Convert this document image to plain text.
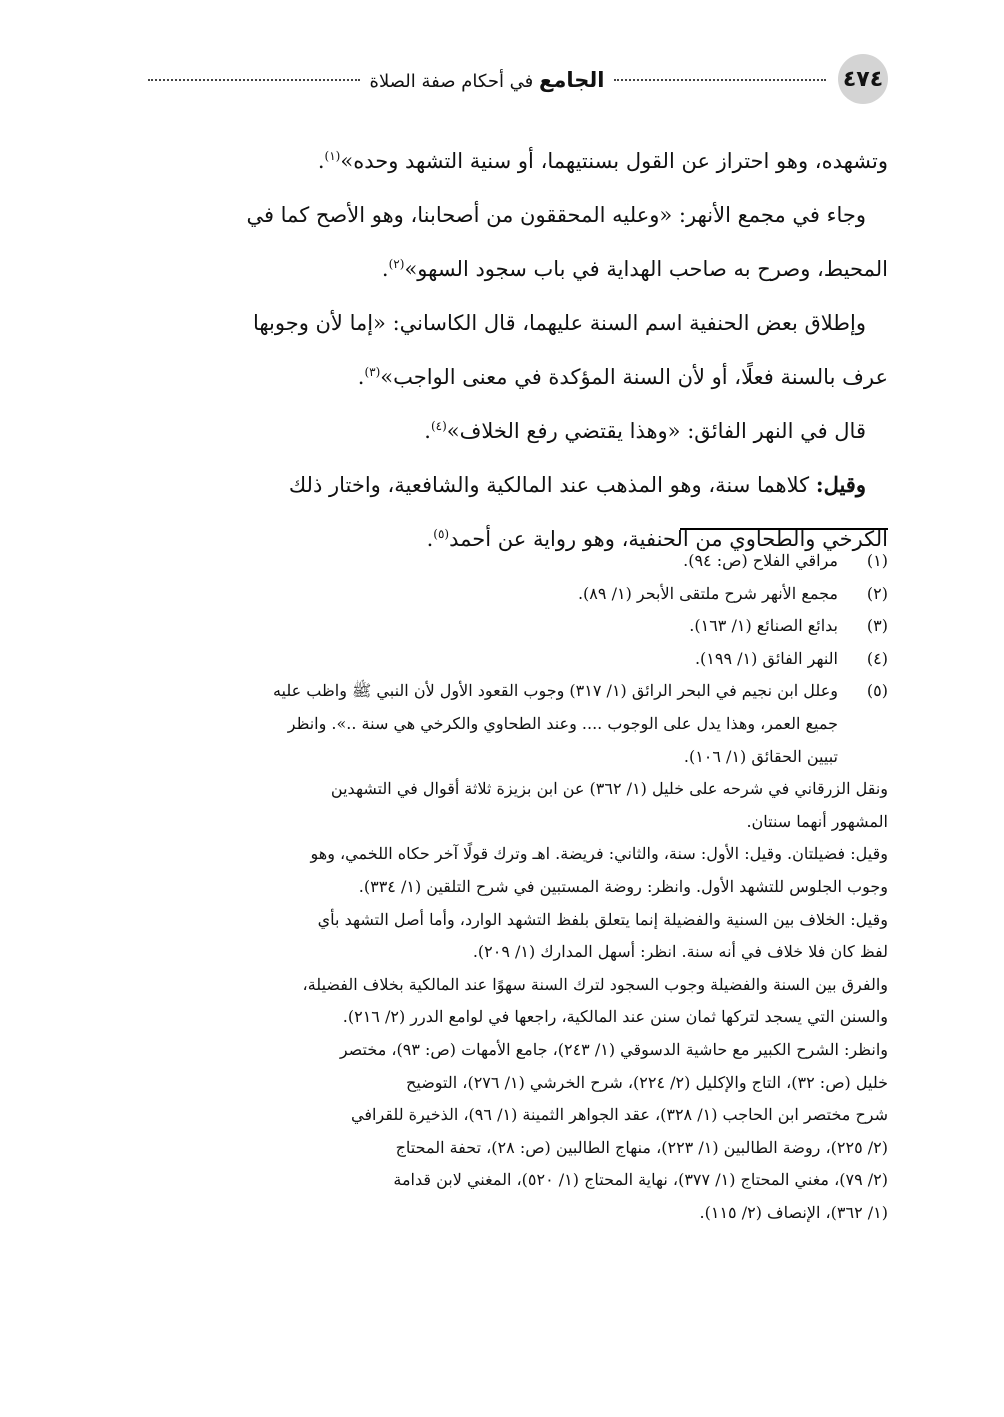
٤٧٤
الجامع في أحكام صفة الصلاة

وتشهده، وهو احتراز عن القول بسنتيهما، أو سنية التشهد وحده»$^{(١)}$.

وجاء في مجمع الأنهر: «وعليه المحققون من أصحابنا، وهو الأصح كما في

المحيط، وصرح به صاحب الهداية في باب سجود السهو»$^{(٢)}$.

وإطلاق بعض الحنفية اسم السنة عليهما، قال الكاساني: «إما لأن وجوبها

عرف بالسنة فعلًا، أو لأن السنة المؤكدة في معنى الواجب»$^{(٣)}$.

قال في النهر الفائق: «وهذا يقتضي رفع الخلاف»$^{(٤)}$.

وقيل: كلاهما سنة، وهو المذهب عند المالكية والشافعية، واختار ذلك

الكرخي والطحاوي من الحنفية، وهو رواية عن أحمد$^{(٥)}$.

(١)
مراقي الفلاح (ص: ٩٤).
(٢)
مجمع الأنهر شرح ملتقى الأبحر (١/ ٨٩).
(٣)
بدائع الصنائع (١/ ١٦٣).
(٤)
النهر الفائق (١/ ١٩٩).
(٥)
وعلل ابن نجيم في البحر الرائق (١/ ٣١٧) وجوب القعود الأول لأن النبي ﷺ واظب عليه
جميع العمر، وهذا يدل على الوجوب .... وعند الطحاوي والكرخي هي سنة ..». وانظر
تبيين الحقائق (١/ ١٠٦).
ونقل الزرقاني في شرحه على خليل (١/ ٣٦٢) عن ابن بزيزة ثلاثة أقوال في التشهدين
المشهور أنهما سنتان.
وقيل: فضيلتان. وقيل: الأول: سنة، والثاني: فريضة. اهـ وترك قولًا آخر حكاه اللخمي، وهو
وجوب الجلوس للتشهد الأول. وانظر: روضة المستبين في شرح التلقين (١/ ٣٣٤).
وقيل: الخلاف بين السنية والفضيلة إنما يتعلق بلفظ التشهد الوارد، وأما أصل التشهد بأي
لفظ كان فلا خلاف في أنه سنة. انظر: أسهل المدارك (١/ ٢٠٩).
والفرق بين السنة والفضيلة وجوب السجود لترك السنة سهوًا عند المالكية بخلاف الفضيلة،
والسنن التي يسجد لتركها ثمان سنن عند المالكية، راجعها في لوامع الدرر (٢/ ٢١٦).
وانظر: الشرح الكبير مع حاشية الدسوقي (١/ ٢٤٣)، جامع الأمهات (ص: ٩٣)، مختصر
خليل (ص: ٣٢)، التاج والإكليل (٢/ ٢٢٤)، شرح الخرشي (١/ ٢٧٦)، التوضيح
شرح مختصر ابن الحاجب (١/ ٣٢٨)، عقد الجواهر الثمينة (١/ ٩٦)، الذخيرة للقرافي
(٢/ ٢٢٥)، روضة الطالبين (١/ ٢٢٣)، منهاج الطالبين (ص: ٢٨)، تحفة المحتاج
(٢/ ٧٩)، مغني المحتاج (١/ ٣٧٧)، نهاية المحتاج (١/ ٥٢٠)، المغني لابن قدامة
(١/ ٣٦٢)، الإنصاف (٢/ ١١٥).
